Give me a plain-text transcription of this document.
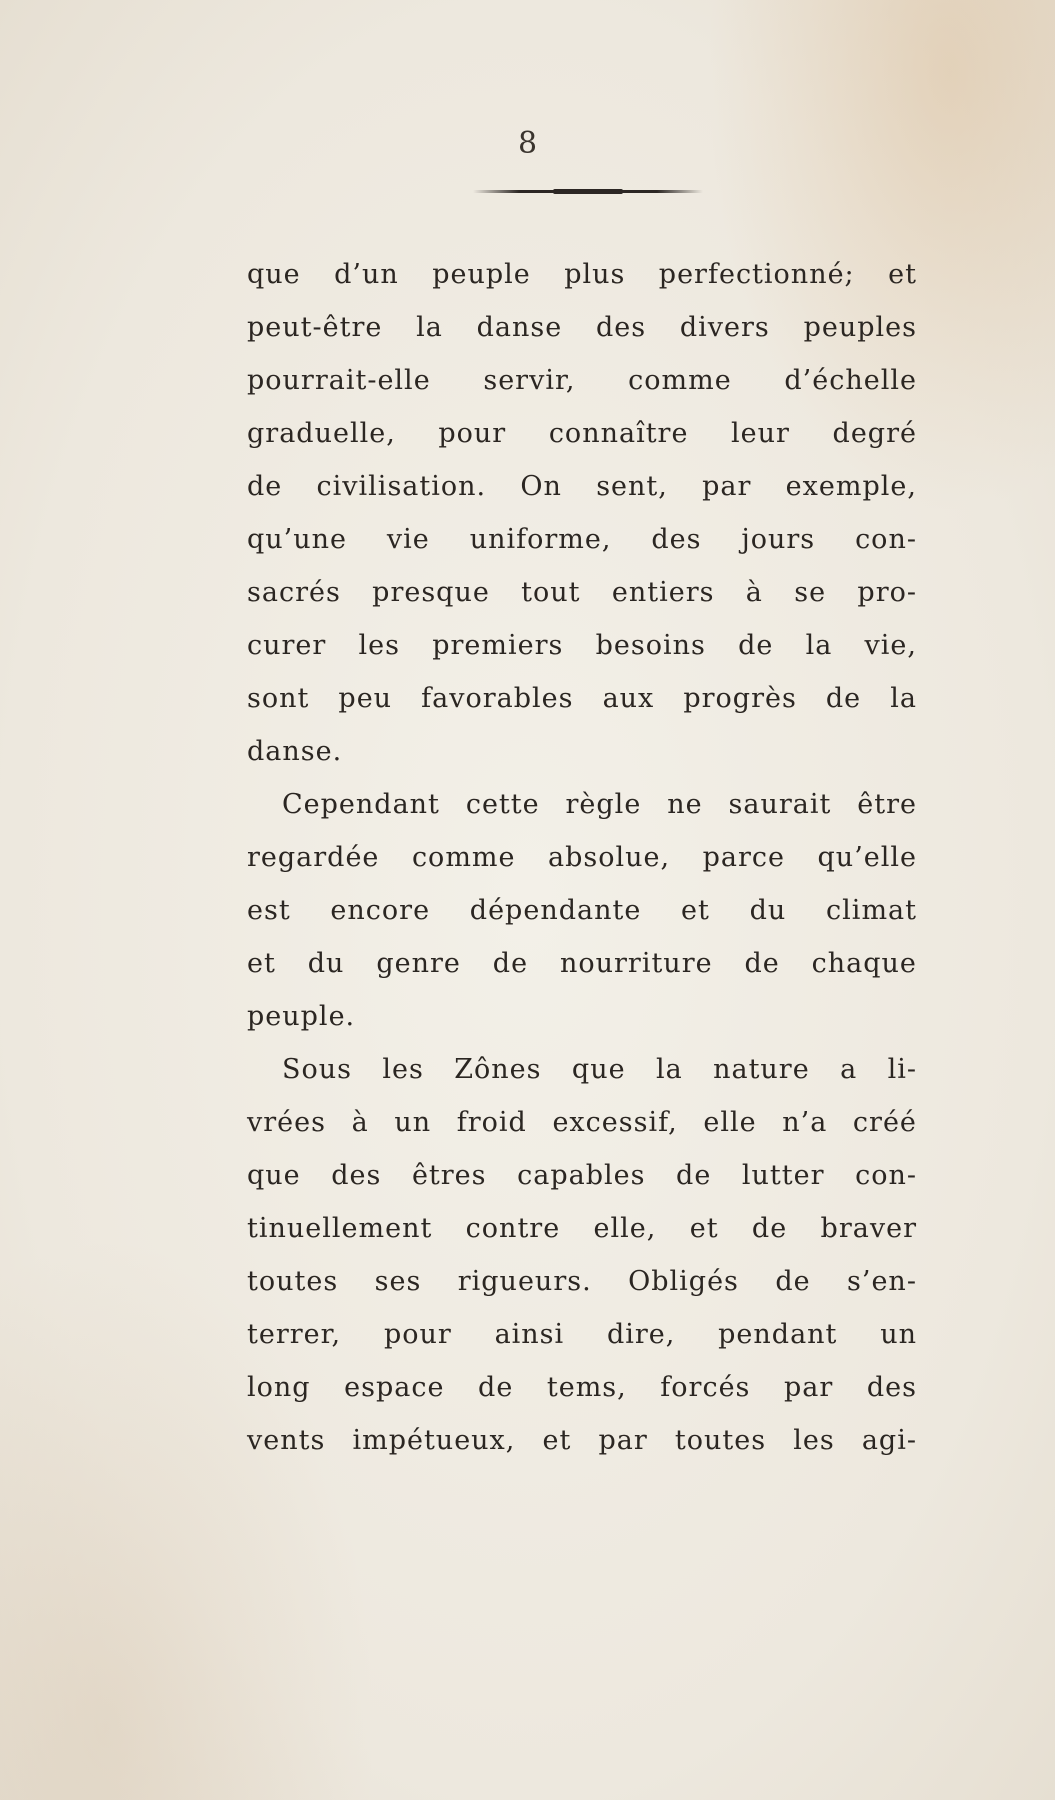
8
que d’un peuple plus perfectionné; et
peut-être la danse des divers peuples
pourrait-elle servir, comme d’échelle
graduelle, pour connaître leur degré
de civilisation. On sent, par exemple,
qu’une vie uniforme, des jours con-
sacrés presque tout entiers à se pro-
curer les premiers besoins de la vie,
sont peu favorables aux progrès de la
danse.
Cependant cette règle ne saurait être
regardée comme absolue, parce qu’elle
est encore dépendante et du climat
et du genre de nourriture de chaque
peuple.
Sous les Zônes que la nature a li-
vrées à un froid excessif, elle n’a créé
que des êtres capables de lutter con-
tinuellement contre elle, et de braver
toutes ses rigueurs. Obligés de s’en-
terrer, pour ainsi dire, pendant un
long espace de tems, forcés par des
vents impétueux, et par toutes les agi-
